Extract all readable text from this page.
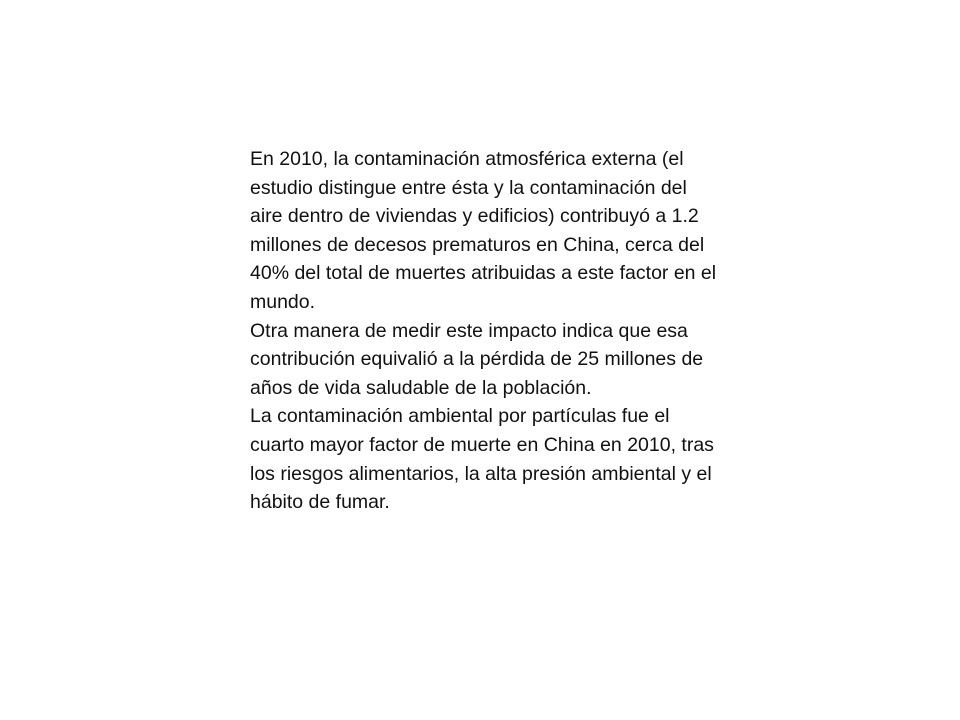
En 2010, la contaminación atmosférica externa (el estudio distingue entre ésta y la contaminación del aire dentro de viviendas y edificios) contribuyó a 1.2 millones de decesos prematuros en China, cerca del 40% del total de muertes atribuidas a este factor en el mundo.

Otra manera de medir este impacto indica que esa contribución equivalió a la pérdida de 25 millones de años de vida saludable de la población.

La contaminación ambiental por partículas fue el cuarto mayor factor de muerte en China en 2010, tras los riesgos alimentarios, la alta presión ambiental y el hábito de fumar.
